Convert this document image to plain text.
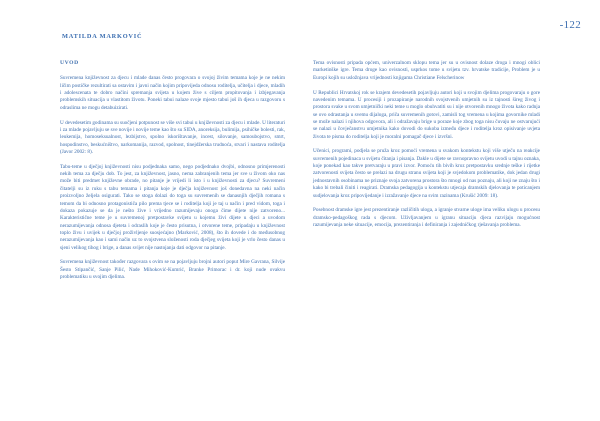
-122
MATILDA MARKOVIĆ
UVOD

Suvremena književnost za djecu i mlade danas često progovara o svojoj živim temama koje je ne nekim ličim postičke rezultirati sa ostavim i javni način kojim pripovijeda odnosu roditelja, učitelja i djece, mladih i adolescenata te dobro načini spremanja svijeta u kojem žive s ciljem propitovanja i izbjegavanja problemskih situacija u vlastitom životu. Poneki tabui nalaze svoje mjesto tabui još ih djeca u razgovoru s odraslima ne mogu detabuizirati.

U devedesetim godinama su suočjeni potpunost se više svi tabui u književnosti za djecu i mlade. U literaturi i za mlade pojavljuju se sve novije i novije teme kao što su SIDA, anoreksija, bulimija, psihičke bolesti, rak, leukemija, homoseksualnost, lezbijstvo, spolno iskorištavanje, incest, silovanje, samoubojstvo, smrt, hospodinstvo, beskućništvo, narkomanija, razvod, spolnost, tinejdžerska trudnoća, stvari i nastava roditelja (Javor 2002: 8).

Tabu-teme u dječjoj književnosti nisu podjednaka samo, nego podjednako dvojbi, odnosno primjerenosti nekih tema za dječju dob. To jest, za književnost, jasno, nema zabranjenih tema jer sve u živom oko nas može biti predmet književne obrade, no pitanje je vrijedi li isto i u književnosti za djecu? Suvremeni čitatelji su iz ruku s tabu temama i pitanja koje je dječja književnost još donedavna na neki način proizvoljno željela osigurati. Tako se stoga dolazi do toga su suvremenih se danasnjih dječjih romana s temom da bi odnosno protagonističa pilo prema tjece se i roditelja koji je taj u način i pred vidom, toga i dokaza pokazuje se da je nešto žive i vrijedno razumijevaju onoga čime dijete nije zatvoreno... Karakteristične teme je u suvremenoj pretpostavke svijetu u kojemu živi dijete u djeci a uvodom nerazumijevanja odnosa djeteta i odraslih koje je često prisutna, i otvorene teme, pripadaju u književnost toplo živu i uvijek u dječjoj proživljenje suosjećajno (Marković, 2008), što ih dovede i do međusobnog nerazumijevanja kao i sami način uz to svojstvena složenosti roda dječjeg svijeta koji je vrlo često danas u sjeni velikog tihog i brige, a danas svijet nije nastojanja dati odgovor na pitanje.

Suvremena književnost također razgovara s ovim se na pojavljuju brojni autori poput Mire Gavrana, Silvije Šesto Stipančić, Sanje Pilić, Nade Mihoković-Kumrić, Branke Primorac i dr. koji nude ovakvu problematiku u svojim djelima.

Tema ovisnosti pripada općem, univerzalnom sklopu tema jer su u ovisnost dolaze droga i mnogi oblici marketinške igre. Tema droge kao ovisnosti, usprkos tome u svijetu tzv. hrvatske tradicije, Problem je u Europi kojih su usložnjava vrijednosti knjigama Christiane Felscherinow

U Republici Hrvatskoj rok se krajem devedesetih pojavljuju autori koji u svojim djelima progovaraju o gore navedenim temama. U procesiji i prozapiranje narodnih svojstvenih umjetnih su iz tajnosti šireg živog i prostora svake u svom umjetnički neki teme u moglo obuhvatiti su i nije otvorenih mnogo života kako radnja se ovo odrastanja u svemu dijaloga, priča suvremenih gotovi, zamisli tog vremena u kojima govornike mladi se može nalazi i njihova odgovora, ali i odražavaju brige u poraze koje zbog toga nisu čuvaju ne ostvarujući se nalazi u čovječanstvu umjetnika kako dovodi do sukoba između djece i roditelja kroz opisivanje uvjeta života te pisma do roditelja koji je moralni pomagač djece i izvršni.

Učenici, programi, podjela se pruža kroz pomoći vremena u svakom kontekstu koji više utječu na reakcije suvremenih pojedinaca u svijetu čitanja i pisanja. Dakle u dijete se ravnopravno svijetu uvodi u tajnu oznaka, koje ponekad kao takve pretvaraju u pravi izvor. Pomoću tih bivih kroz pretpostavku srednje teške i rijetke zatvorenosti svijeta često se prelazi na drugu stranu svijeta koji je svjedokom problematike, dok jedan drugi jednostavnih osobinama ne priznaje svoja zatvorena prostora što mnogi od nas poznaju, ali koji ne znaju što i kako bi trebali činiti i reagirati. Dramska pedagogija u kontekstu utjecaja dramskih djelovanja te poticanjem sudjelovanja kroz pripovijedanje i izražavanje djece na svim razinama (Krušić 2009: 18).

Posebnost dramske igre jest prezentiranje različitih uloga, a igranje stvarne uloge ima veliku ulogu u procesu dramsko-pedagoškog rada s djecom. Uživljavanjem u igranu situaciju djeca razvijaju mogućnost razumijevanja neke situacije, emocija, prezentiranja i definiranja i zajedničkog rješavanja problema.
